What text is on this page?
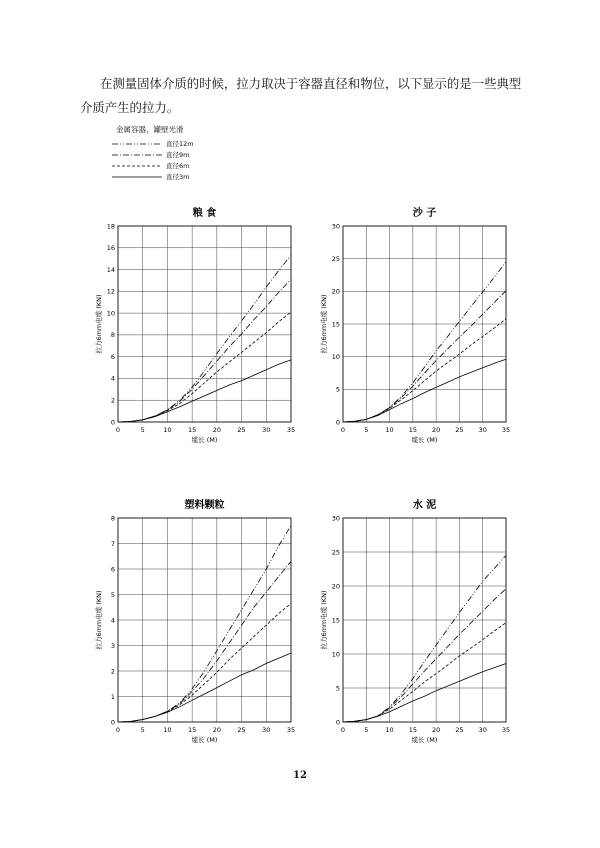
在测量固体介质的时候，拉力取决于容器直径和物位，以下显示的是一些典型介质产生的拉力。

金属容器，罐壁光滑
直径12m
直径9m
直径6m
直径3m
0	5	10	15	20	25	30	35
0
2
4
6
8
10
12
14
16
18
粮 食
缆长 (M)
拉力6mm电缆 (KN)
0	5	10 15 20 25 30 35
0
5
10
15
20
25
30
沙 子
缆长 (M)
拉力6mm电缆 (KN)
0	5	10	15	20	25	30	35
0
1
2
3
4
5
6
7
8
塑料颗粒
缆长 (M)
拉力6mm电缆 (KN)
0	5	10 15 20 25 30 35
0
5
10
15
20
25
30
水 泥
缆长 (M)
拉力6mm电缆 (KN)
12
